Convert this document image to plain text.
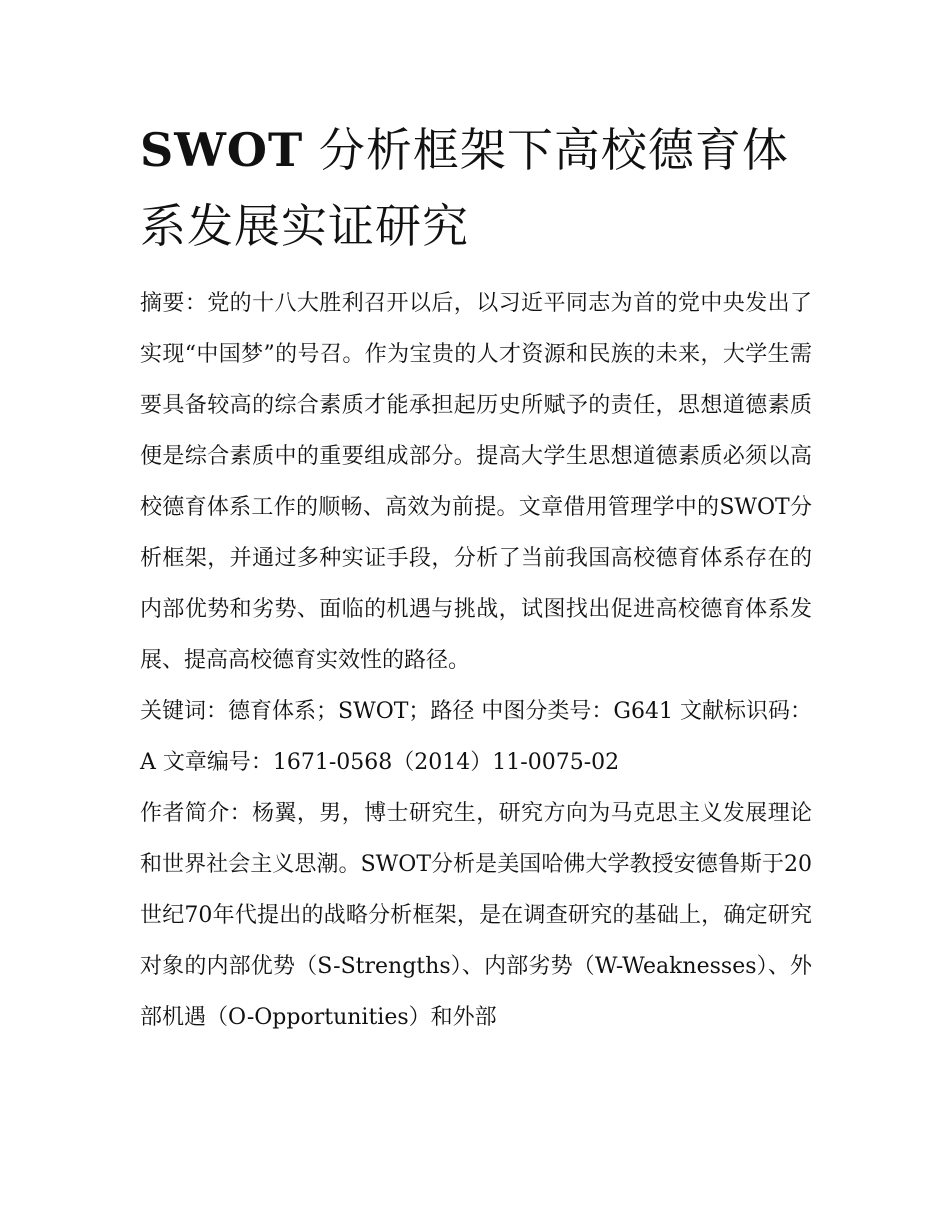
SWOT 分析框架下高校德育体系发展实证研究

摘要：党的十八大胜利召开以后，以习近平同志为首的党中央发出了实现“中国梦”的号召。作为宝贵的人才资源和民族的未来，大学生需要具备较高的综合素质才能承担起历史所赋予的责任，思想道德素质便是综合素质中的重要组成部分。提高大学生思想道德素质必须以高校德育体系工作的顺畅、高效为前提。文章借用管理学中的SWOT分析框架，并通过多种实证手段，分析了当前我国高校德育体系存在的内部优势和劣势、面临的机遇与挑战，试图找出促进高校德育体系发展、提高高校德育实效性的路径。

关键词：德育体系；SWOT；路径 中图分类号：G641 文献标识码：A 文章编号：1671-0568（2014）11-0075-02

作者简介：杨翼，男，博士研究生，研究方向为马克思主义发展理论和世界社会主义思潮。SWOT分析是美国哈佛大学教授安德鲁斯于20世纪70年代提出的战略分析框架，是在调查研究的基础上，确定研究对象的内部优势（S-Strengths）、内部劣势（W-Weaknesses）、外部机遇（O-Opportunities）和外部
